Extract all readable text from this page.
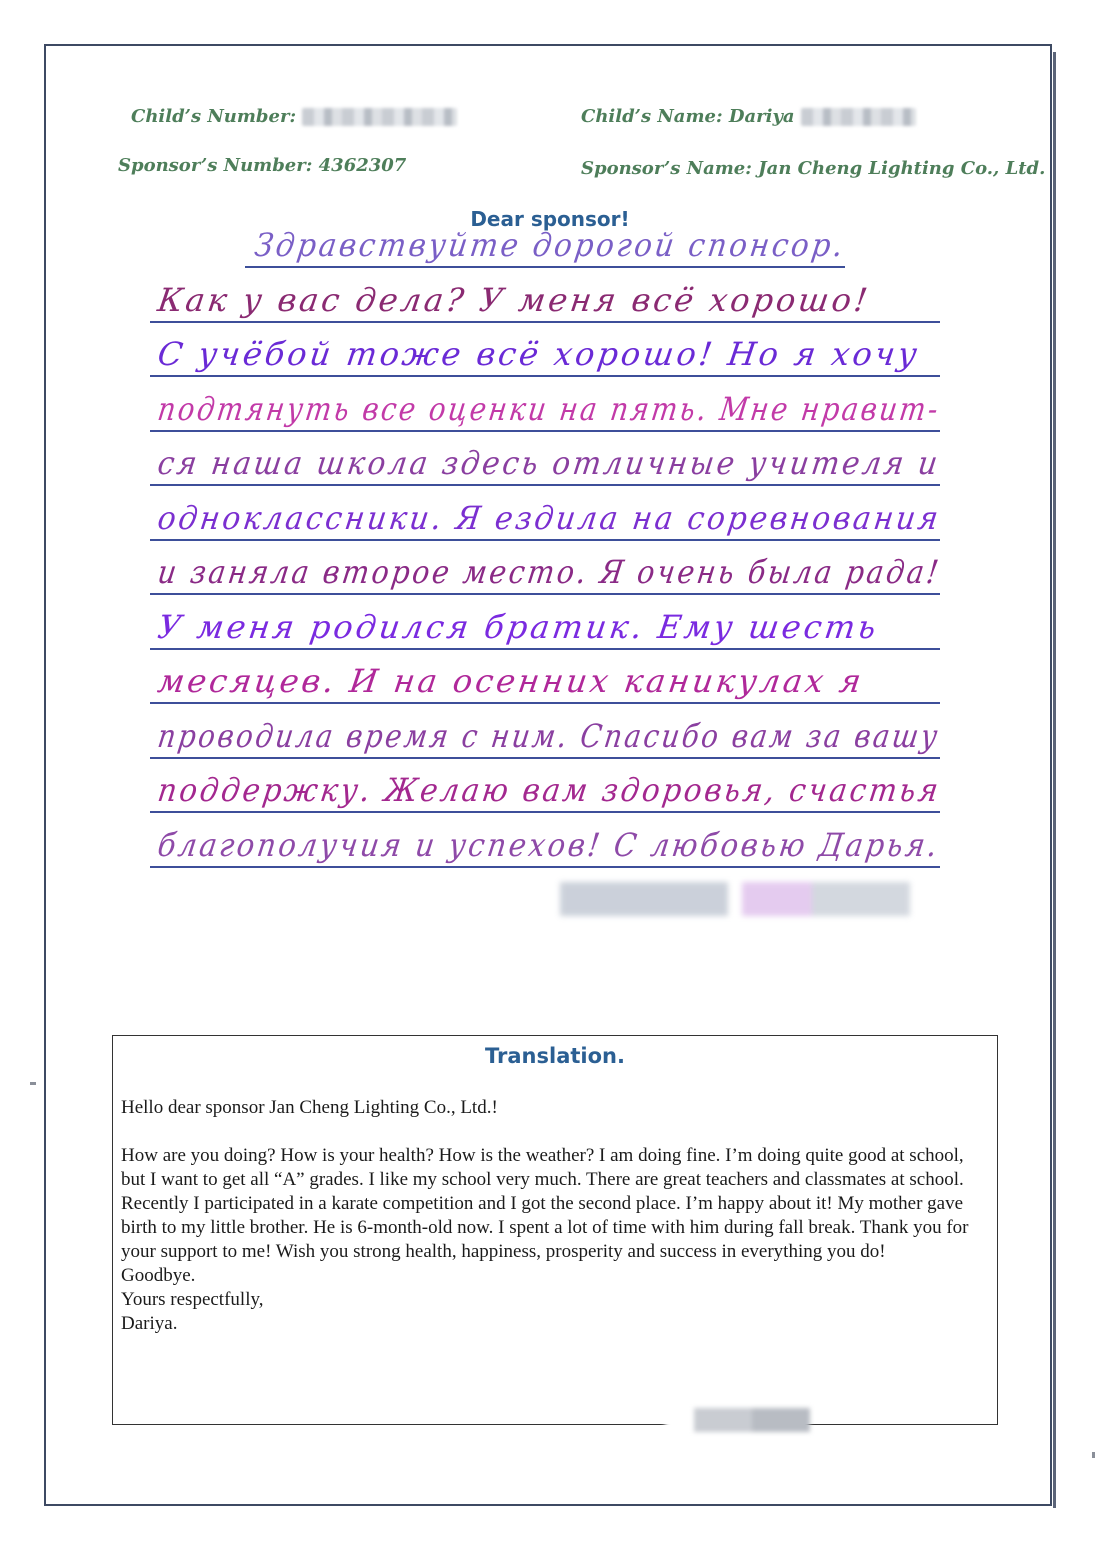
Child’s Number:	Child’s Name: Dariya
Sponsor’s Number: 4362307	Sponsor’s Name: Jan Cheng Lighting Co., Ltd.
Dear sponsor!
Здравствуйте дорогой спонсор.
Как у вас дела? У меня всё хорошо!
С учёбой тоже всё хорошо! Но я хочу
подтянуть все оценки на пять. Мне нравит-
ся наша школа здесь отличные учителя и
одноклассники. Я ездила на соревнования
и заняла второе место. Я очень была рада!
У меня родился братик. Ему шесть
месяцев. И на осенних каникулах я
проводила время с ним. Спасибо вам за вашу
поддержку. Желаю вам здоровья, счастья
благополучия и успехов! С любовью Дарья.
Translation.

Hello dear sponsor Jan Cheng Lighting Co., Ltd.!

How are you doing? How is your health? How is the weather? I am doing fine. I’m doing quite good at school, but I want to get all “A” grades. I like my school very much. There are great teachers and classmates at school. Recently I participated in a karate competition and I got the second place. I’m happy about it! My mother gave birth to my little brother. He is 6-month-old now. I spent a lot of time with him during fall break. Thank you for your support to me! Wish you strong health, happiness, prosperity and success in everything you do!

Goodbye.

Yours respectfully,

Dariya.
